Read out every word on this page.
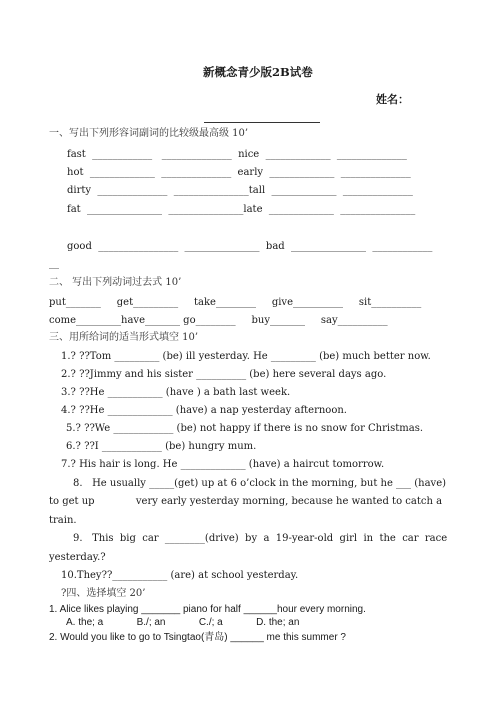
新概念青少版2B试卷
姓名：
一、写出下列形容词副词的比较级最高级 10’
fast  ____________   ______________  nice  _____________  ______________
hot  _____________  ______________  early  _____________  ______________
dirty  ______________  _______________tall  _____________  ______________
fat  _______________  _______________late  _____________  _______________
good  ________________  _______________  bad  _______________  ____________
__
二、 写出下列动词过去式 10’
put_______     get_________     take________     give__________     sit__________
come_________have_______ go________     buy_______     say__________
三、用所给词的适当形式填空 10’
1.? ??Tom _________ (be) ill yesterday. He _________ (be) much better now.
2.? ??Jimmy and his sister __________ (be) here several days ago.
3.? ??He ___________ (have ) a bath last week.
4.? ??He _____________ (have) a nap yesterday afternoon.
5.? ??We ____________ (be) not happy if there is no snow for Christmas.
6.? ??I ____________ (be) hungry mum.
7.? His hair is long. He _____________ (have) a haircut tomorrow.
8.   He usually _____(get) up at 6 o’clock in the morning, but he ___ (have)
to get up             very early yesterday morning, because he wanted to catch a
train.
9.   This  big  car  ________(drive)  by  a  19-year-old  girl  in  the  car  race
yesterday.?
10.They??___________ (are) at school yesterday.
?四、选择填空 20’
1. Alice likes playing _______ piano for half ______hour every morning.
A. the; a            B./; an            C./; a            D. the; an
2. Would you like to go to Tsingtao(青岛) ______ me this summer ?
